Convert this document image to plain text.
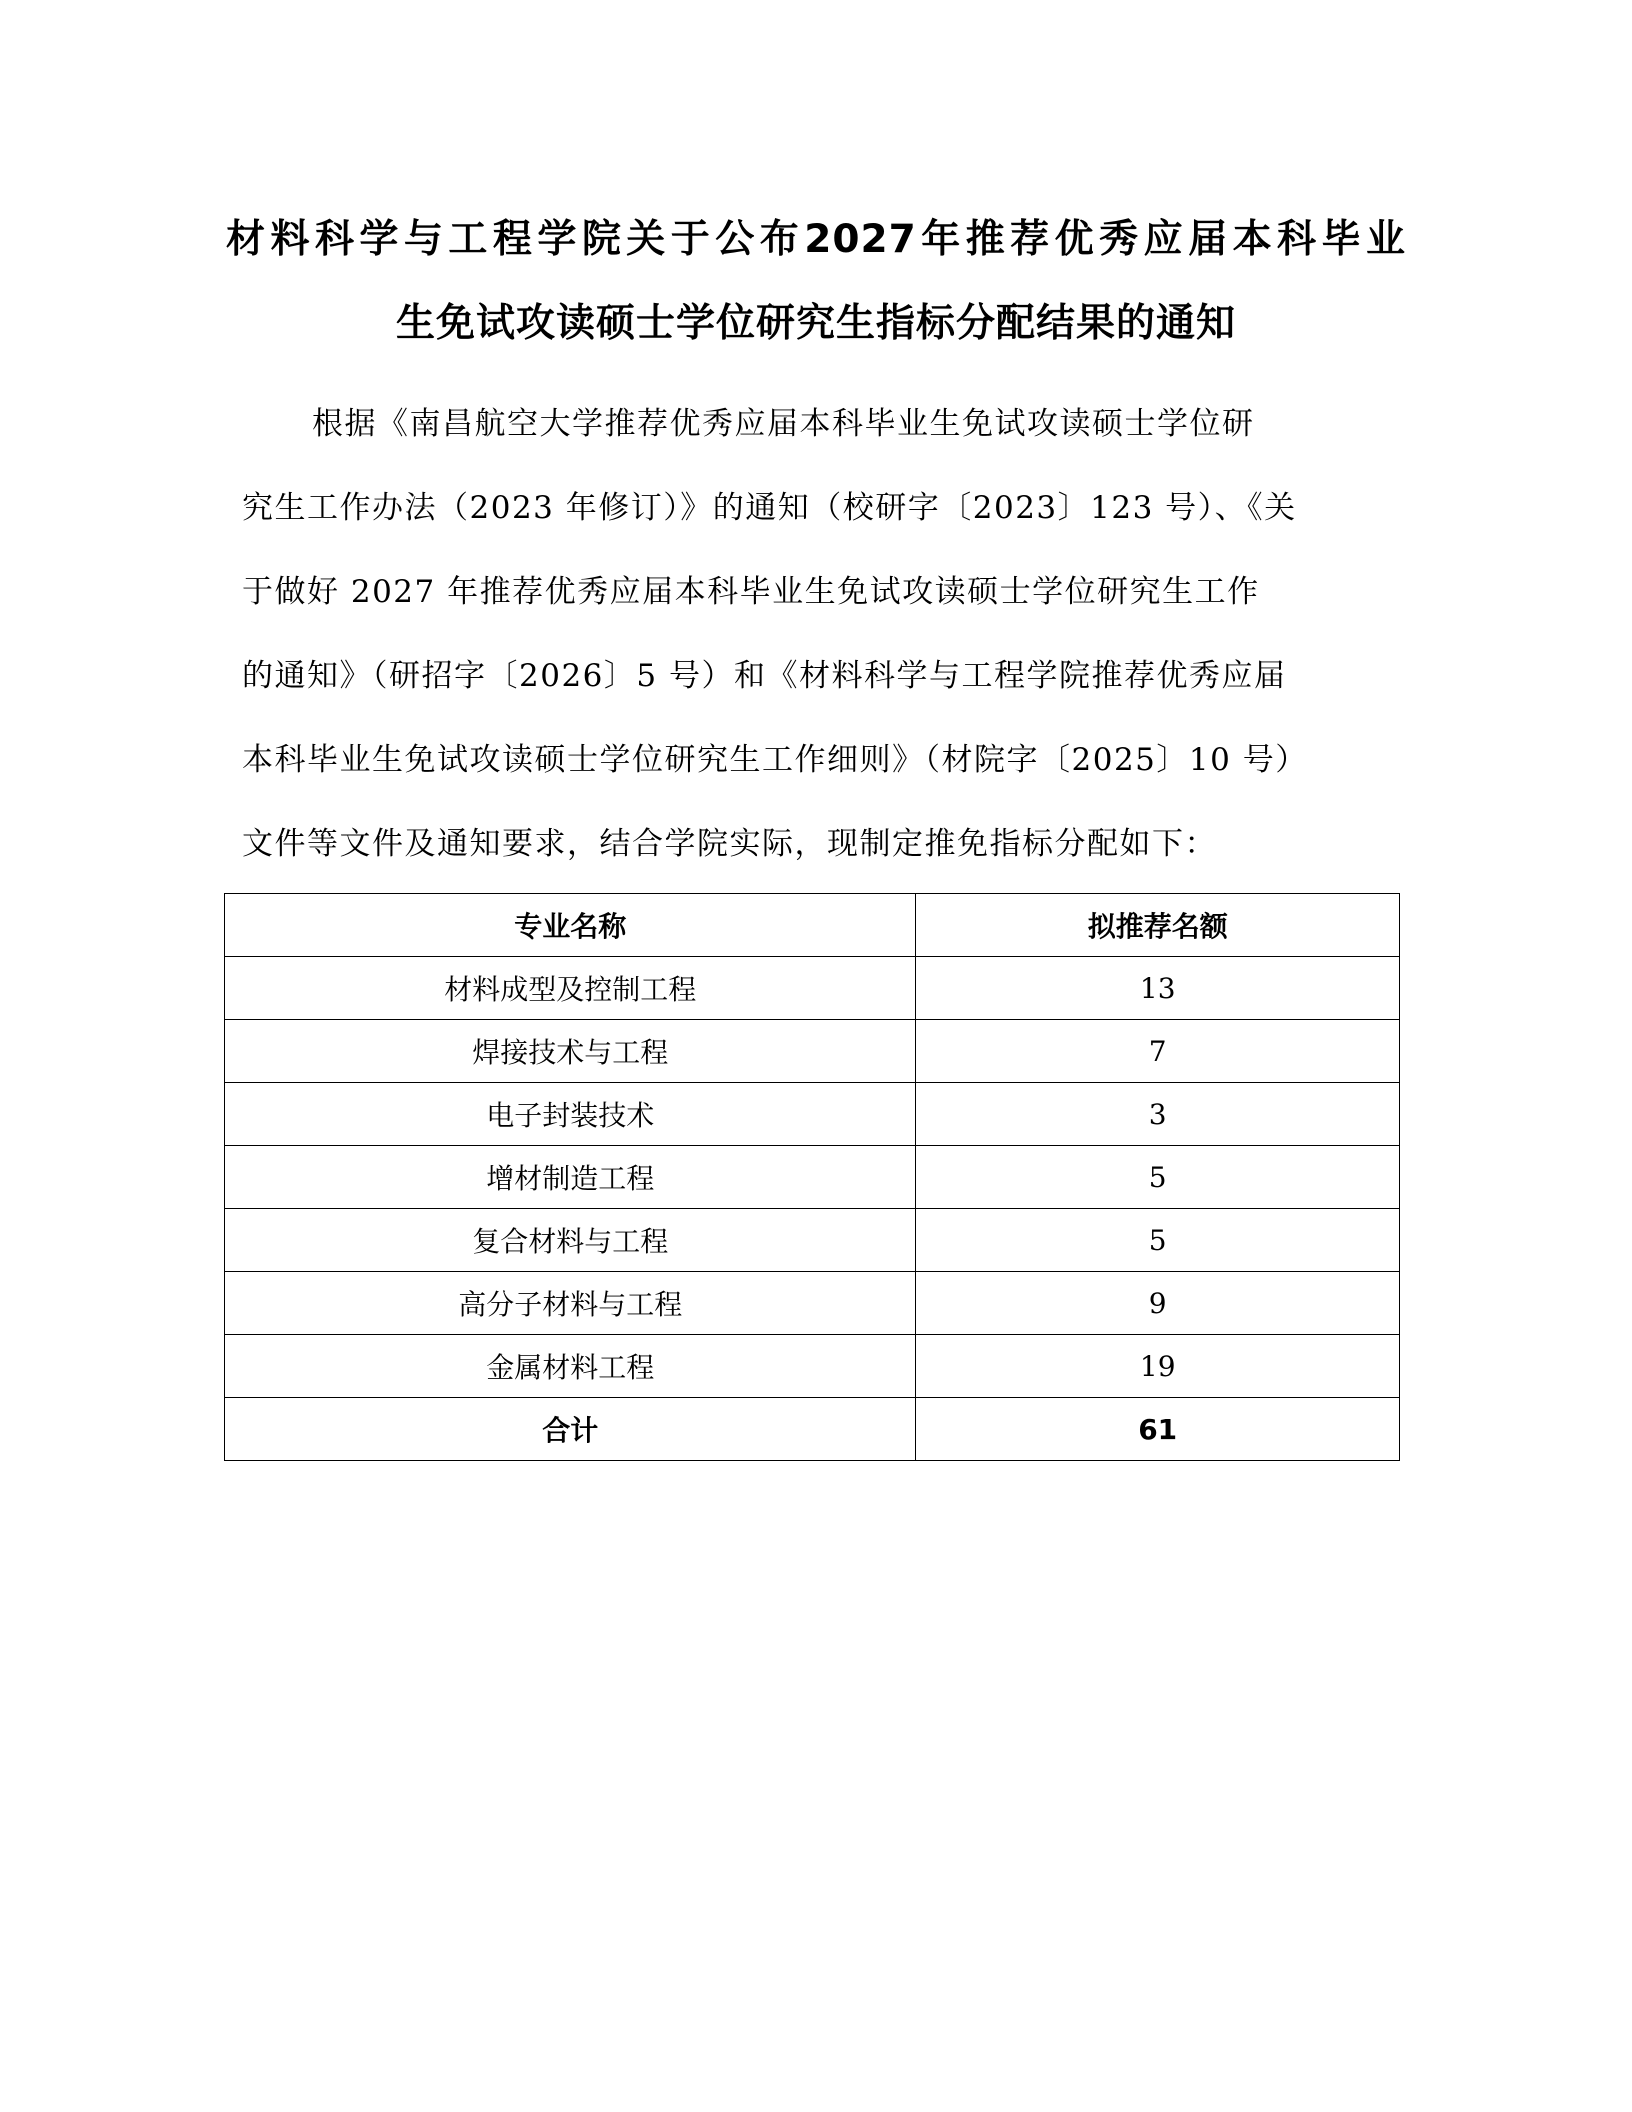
材料科学与工程学院关于公布2027年推荐优秀应届本科毕业
生免试攻读硕士学位研究生指标分配结果的通知
根据《南昌航空大学推荐优秀应届本科毕业生免试攻读硕士学位研
究生工作办法（2023 年修订）》的通知（校研字〔2023〕123 号）、《关
于做好 2027 年推荐优秀应届本科毕业生免试攻读硕士学位研究生工作
的通知》（研招字〔2026〕5 号）和《材料科学与工程学院推荐优秀应届
本科毕业生免试攻读硕士学位研究生工作细则》（材院字〔2025〕10 号）
文件等文件及通知要求，结合学院实际，现制定推免指标分配如下：
专业名称	拟推荐名额
材料成型及控制工程	13
焊接技术与工程	7
电子封装技术	3
增材制造工程	5
复合材料与工程	5
高分子材料与工程	9
金属材料工程	19
合计	61
